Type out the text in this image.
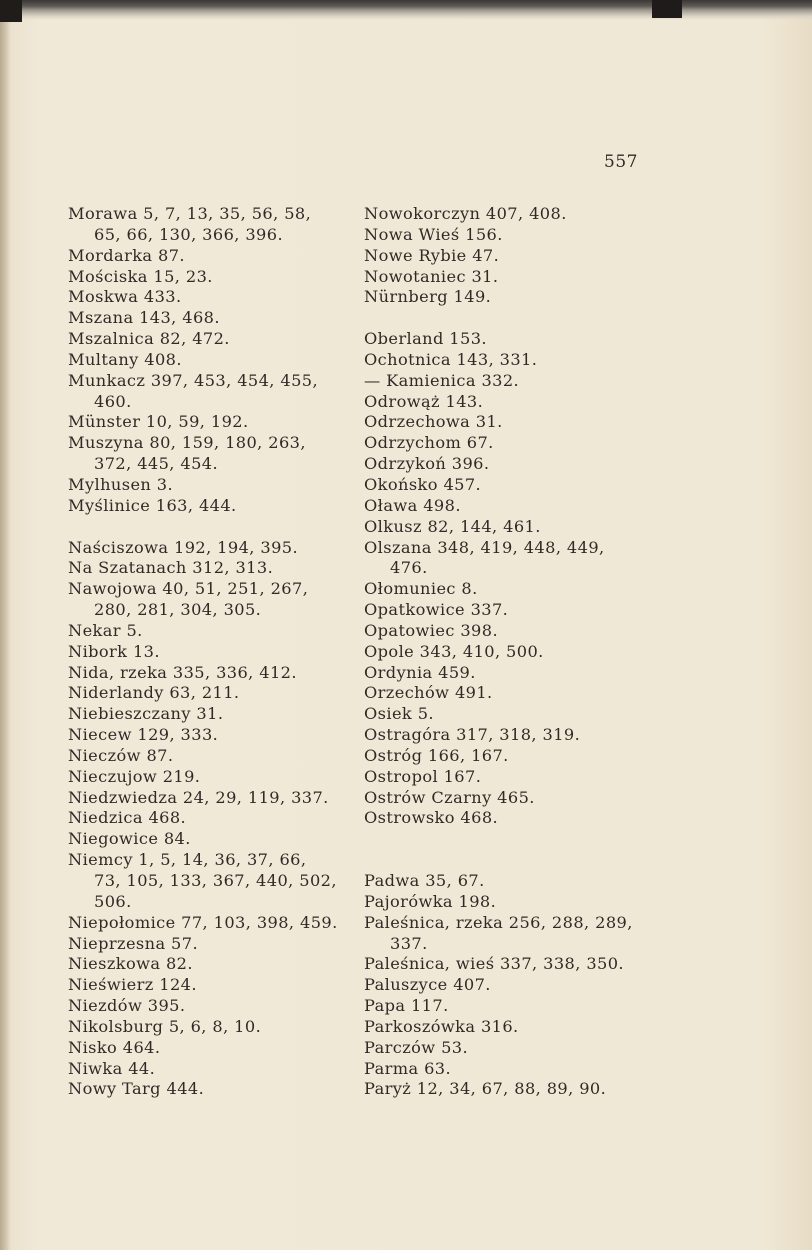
557
Morawa 5, 7, 13, 35, 56, 58,
65, 66, 130, 366, 396.
Mordarka 87.
Mościska 15, 23.
Moskwa 433.
Mszana 143, 468.
Mszalnica 82, 472.
Multany 408.
Munkacz 397, 453, 454, 455,
460.
Münster 10, 59, 192.
Muszyna 80, 159, 180, 263,
372, 445, 454.
Mylhusen 3.
Myślinice 163, 444.
Naściszowa 192, 194, 395.
Na Szatanach 312, 313.
Nawojowa 40, 51, 251, 267,
280, 281, 304, 305.
Nekar 5.
Nibork 13.
Nida, rzeka 335, 336, 412.
Niderlandy 63, 211.
Niebieszczany 31.
Niecew 129, 333.
Nieczów 87.
Nieczujow 219.
Niedzwiedza 24, 29, 119, 337.
Niedzica 468.
Niegowice 84.
Niemcy 1, 5, 14, 36, 37, 66,
73, 105, 133, 367, 440, 502,
506.
Niepołomice 77, 103, 398, 459.
Nieprzesna 57.
Nieszkowa 82.
Nieświerz 124.
Niezdów 395.
Nikolsburg 5, 6, 8, 10.
Nisko 464.
Niwka 44.
Nowy Targ 444.
Nowokorczyn 407, 408.
Nowa Wieś 156.
Nowe Rybie 47.
Nowotaniec 31.
Nürnberg 149.
Oberland 153.
Ochotnica 143, 331.
— Kamienica 332.
Odrowąż 143.
Odrzechowa 31.
Odrzychom 67.
Odrzykoń 396.
Okońsko 457.
Oława 498.
Olkusz 82, 144, 461.
Olszana 348, 419, 448, 449,
476.
Ołomuniec 8.
Opatkowice 337.
Opatowiec 398.
Opole 343, 410, 500.
Ordynia 459.
Orzechów 491.
Osiek 5.
Ostragóra 317, 318, 319.
Ostróg 166, 167.
Ostropol 167.
Ostrów Czarny 465.
Ostrowsko 468.
Padwa 35, 67.
Pajorówka 198.
Paleśnica, rzeka 256, 288, 289,
337.
Paleśnica, wieś 337, 338, 350.
Paluszyce 407.
Papa 117.
Parkoszówka 316.
Parczów 53.
Parma 63.
Paryż 12, 34, 67, 88, 89, 90.
